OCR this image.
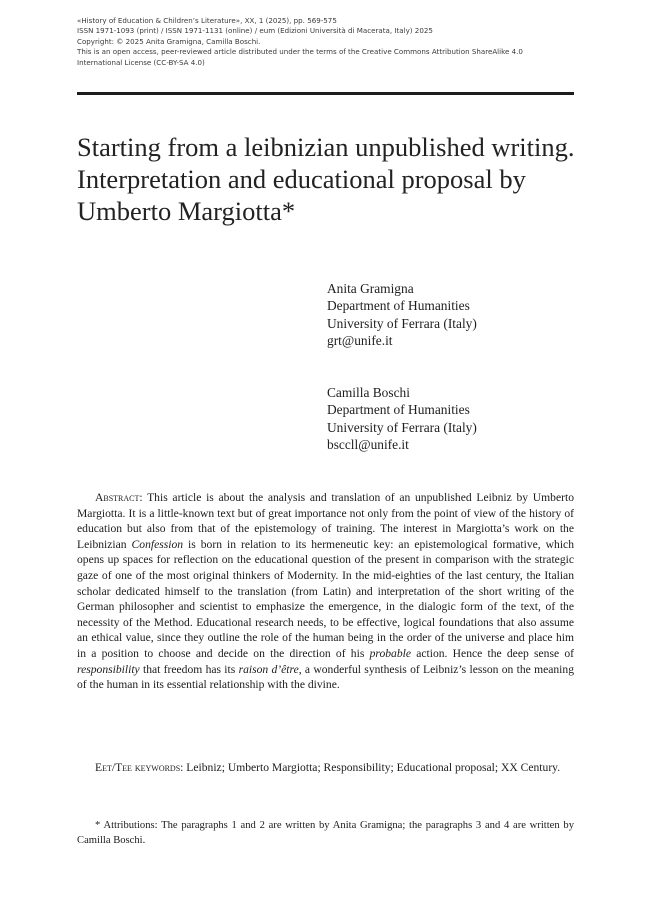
«History of Education & Children’s Literature», XX, 1 (2025), pp. 569-575
ISSN 1971-1093 (print) / ISSN 1971-1131 (online) / eum (Edizioni Università di Macerata, Italy) 2025
Copyright: © 2025 Anita Gramigna, Camilla Boschi.
This is an open access, peer-reviewed article distributed under the terms of the Creative Commons Attribution ShareAlike 4.0
International License (CC-BY-SA 4.0)
Starting from a leibnizian unpublished writing. Interpretation and educational proposal by Umberto Margiotta*
Anita Gramigna
Department of Humanities
University of Ferrara (Italy)
grt@unife.it
Camilla Boschi
Department of Humanities
University of Ferrara (Italy)
bsccll@unife.it

Abstract: This article is about the analysis and translation of an unpublished Leibniz by Umberto Margiotta. It is a little-known text but of great importance not only from the point of view of the history of education but also from that of the epistemology of training. The interest in Margiotta’s work on the Leibnizian Confession is born in relation to its hermeneutic key: an epistemological formative, which opens up spaces for reflection on the educational question of the present in comparison with the strategic gaze of one of the most original thinkers of Modernity. In the mid-eighties of the last century, the Italian scholar dedicated himself to the translation (from Latin) and interpretation of the short writing of the German philosopher and scientist to emphasize the emergence, in the dialogic form of the text, of the necessity of the Method. Educational research needs, to be effective, logical foundations that also assume an ethical value, since they outline the role of the human being in the order of the universe and place him in a position to choose and decide on the direction of his probable action. Hence the deep sense of responsibility that freedom has its raison d’être, a wonderful synthesis of Leibniz’s lesson on the meaning of the human in its essential relationship with the divine.

Eet/Tee keywords: Leibniz; Umberto Margiotta; Responsibility; Educational proposal; XX Century.

* Attributions: The paragraphs 1 and 2 are written by Anita Gramigna; the paragraphs 3 and 4 are written by Camilla Boschi.
